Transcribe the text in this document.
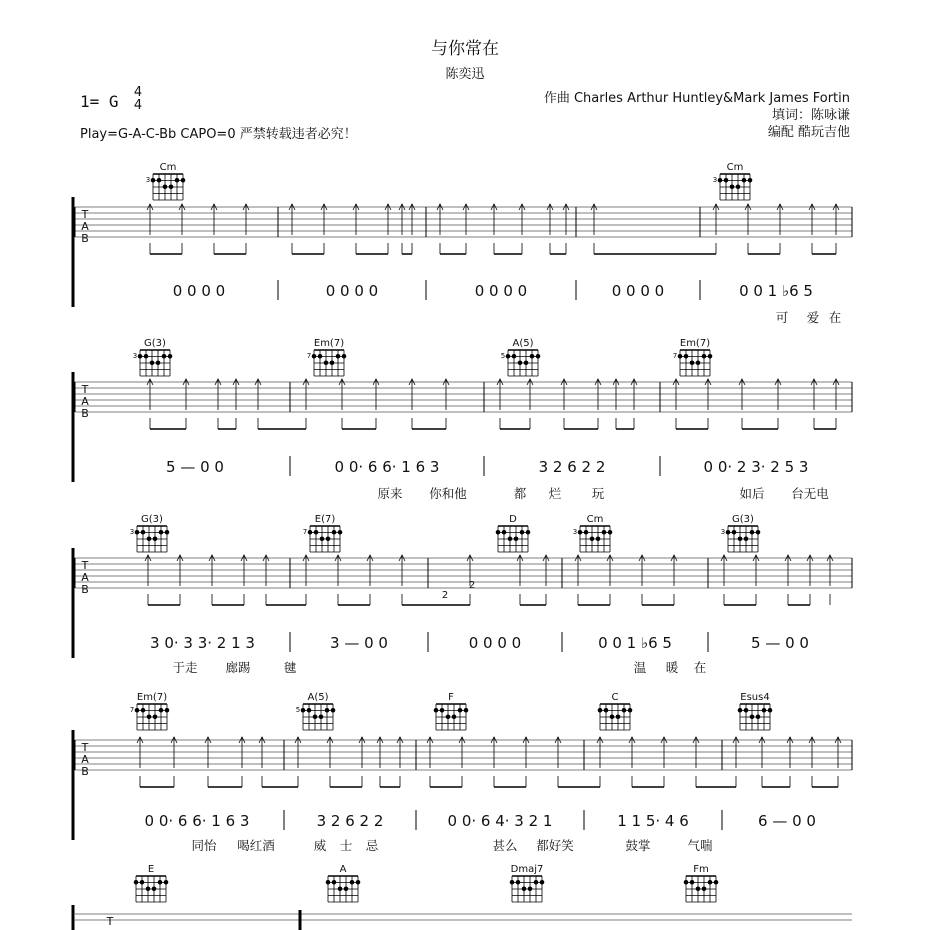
与你常在
陈奕迅
1= G 4
4
Play=G-A-C-Bb CAPO=0 严禁转载违者必究！
作曲 Charles Arthur Huntley&Mark James Fortin
填词：陈咏谦
编配 酷玩吉他
Cm
3
Cm
3
T
A
B
0 0 0 0	0 0 0 0	0 0 0 0	0 0 0 0	0 0 1 ♭6 5
可 爱 在
G(3)
3
Em(7)
7
A(5)
5
Em(7)
7
T
A
B
5 — 0 0	0 0· 6 6· 1 6 3	3 2 6 2 2	0 0· 2 3· 2 5 3
原来 你和他	都 烂 玩	如后 台无电
G(3)
3
E(7)
7
D	Cm
3
G(3)
3
T
A
B
3 0· 3 3· 2 1 3	3 — 0 0	0 0 0 0	0 0 1 ♭6 5	5 — 0 0
于走 廊踢	毽	温 暖 在
2
2
Em(7)
7
A(5)
5
F	C	Esus4
T
A
B
0 0· 6 6· 1 6 3	3 2 6 2 2	0 0· 6 4· 3 2 1	1 1 5· 4 6	6 — 0 0
同怡 喝红酒	威 士 忌	甚么 都好笑	鼓掌	气喘
E	A	Dmaj7	Fm
T
